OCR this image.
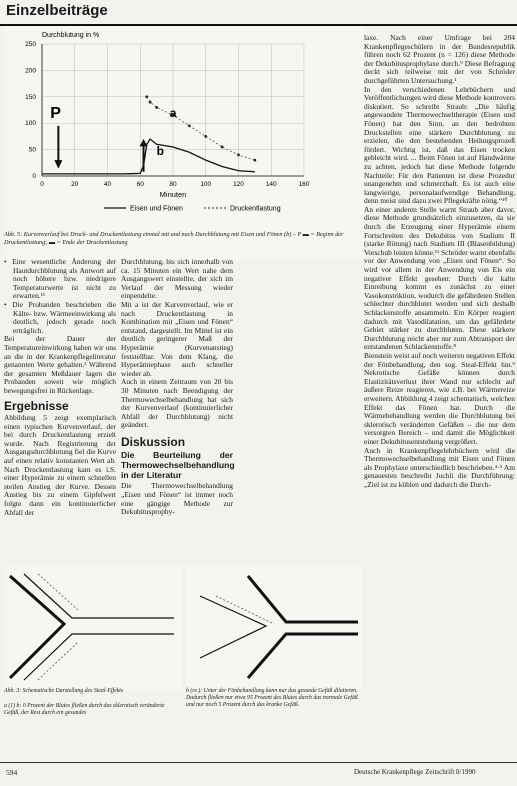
Einzelbeiträge
Durchblutung in %
0
50
100
150
200
250
0	20	40	60	80	100	120	140	160
Minuten
P	a
b
Eisen und Fönen	Druckentlastung
Abb. 5: Kurvenverlauf bei Druck- und Druckentlastung einmal mit und nach Durchblutung mit Eisen und Fönen (b) – P ▬ = Beginn der Druckentlastung; ▬ = Ende der Druckentlastung

• Eine wesentliche Änderung der Hautdurchblutung als Antwort auf noch höhere bzw. niedrigere Temperaturwerte ist nicht zu erwarten.¹¹

• Die Probanden beschrieben die Kälte- bzw. Wärmeeinwirkung als deutlich, jedoch gerade noch erträglich.

Bei der Dauer der Temperatureinwirkung haben wir uns an die in der Krankenpflegeliteratur genannten Werte gehalten.² Während der gesamten Meßdauer lagen die Probanden soweit wie möglich bewegungsfrei in Rückenlage.

Ergebnisse

Abbildung 5 zeigt exemplarisch einen typischen Kurvenverlauf, der bei durch Druckentlastung erzielt wurde. Nach Registrierung der Ausgangsdurchblutung fiel die Kurve auf einen relativ konstanten Wert ab. Nach Druckentlastung kam es i.S. einer Hyperämie zu einem schnellen steilen Anstieg der Kurve. Dessen Anstieg bis zu einem Gipfelwert folgte dann ein kontinuierlicher Abfall der

Durchblutung, bis sich innerhalb von ca. 15 Minuten ein Wert nahe dem Ausgangswert einstellte, der sich im Verlauf der Messung wieder einpendelte.

Mit a ist der Kurvenverlauf, wie er nach Druckentlastung in Kombination mit „Eisen und Fönen“ entstand, dargestellt. Im Mittel ist ein deutlich geringerer Maß der Hyperämie (Kurvenanstieg) feststellbar. Von dem Klang, die Hyperämiephase auch schneller wieder ab.

Auch in einem Zeitraum von 20 bis 30 Minuten nach Beendigung der Thermowechselbehandlung hat sich der Kurvenverlauf (kontinuierlicher Abfall der Durchblutung) nicht geändert.

Diskussion
Die Beurteilung der Thermowechselbehandlung in der Literatur

Die Thermowechselbehandlung „Eisen und Fönen“ ist immer noch eine gängige Methode zur Dekubitusprophy-

laxe. Nach einer Umfrage bei 204 Krankenpflegeschülern in der Bundesrepublik führen noch 62 Prozent (n = 126) diese Methode der Dekubitusprophylaxe durch.⁹ Diese Befragung deckt sich teilweise mit der von Schröder durchgeführten Untersuchung.¹

In den verschiedenen Lehrbüchern und Veröffentlichungen wird diese Methode kontrovers diskutiert. So schreibt Straub: „Die häufig angewandete Thermowechseltherapie (Eisen und Fönen) hat den Sinn, an den bedrohten Druckstellen eine stärkere Durchblutung zu erzielen, die den bestehenden Heilungsprozeß fördert. Wichtig ist, daß das Eisen trocken gebleicht wird. ... Beim Fönen ist auf Handwärme zu achten, jedoch hat diese Methode folgende Nachteile: Für den Patienten ist diese Prozedur unangenehm und schmerzhaft. Es ist auch eine langwierige, personalaufwendige Behandlung, denn meist sind dazu zwei Pflegekräfte nötig.“¹⁰

An einer anderen Stelle warnt Straub aber davor, diese Methode grundsätzlich einzusetzen, da sie durch die Erzeugung einer Hyperämie einem Fortschreiten des Dekubitus von Stadium II (starke Rötung) nach Stadium III (Blasenbildung) Vorschub leisten könne.¹¹ Schröder warnt ebenfalls vor der Anwendung von „Eisen und Fönen“. So wird vor allem in der Anwendung von Eis ein negativer Effekt gesehen: Durch die kalte Einreibung kommt es zunächst zu einer Vasokonstriktion, wodurch die gefährdeten Stellen schlechter durchblutet werden und sich deshalb Schlackenstoffe ansammeln. Ein Körper reagiert dadurch mit Vasodilatation, um das gefährdete Gebiet stärker zu durchbluten. Diese stärkere Durchblutung reicht aber nur zum Abtransport der entstandenen Schlackenstoffe.⁸

Bienstein weist auf noch weiteren negativen Effekt der Fönbehandlung, den sog. Steal-Effekt hin.⁹ Nekrotische Gefäße können durch Elastizitätsverlust ihrer Wand nur schlecht auf äußere Reize reagieren, wie z.B. bei Wärmereize erweitern. Abbildung 4 zeigt schematisch, welchen Effekt das Fönen hat. Durch die Wärmebehandlung werden die Durchblutung bei sklerotisch veränderten Gefäßen – die nur dem versorgten Bereich – und damit die Möglichkeit einer Dekubitusentstehung vergrößert.

Auch in Krankenpflegelehrbüchern wird die Thermowechselbehandlung mit Eisen und Fönen als Prophylaxe unterschiedlich beschrieben.⁴·⁵ Am genauesten beschreibt Juchli die Durchführung: „Ziel ist zu kühlen und dadurch die Durch-

Abb. 3: Schematische Darstellung des Steal-Effekts
a (1) b: 0 Prozent der Blutes fließen durch das sklerotisch veränderte Gefäß, der Rest durch ein gesundes
b (re.): Unter der Fönbehandlung kann nur das gesunde Gefäß dilatieren. Dadurch fließen nur etwa 95 Prozent des Blutes durch das normale Gefäß und nur noch 5 Prozent durch das kranke Gefäß.
594	Deutsche Krankenpflege Zeitschrift 8/1990
